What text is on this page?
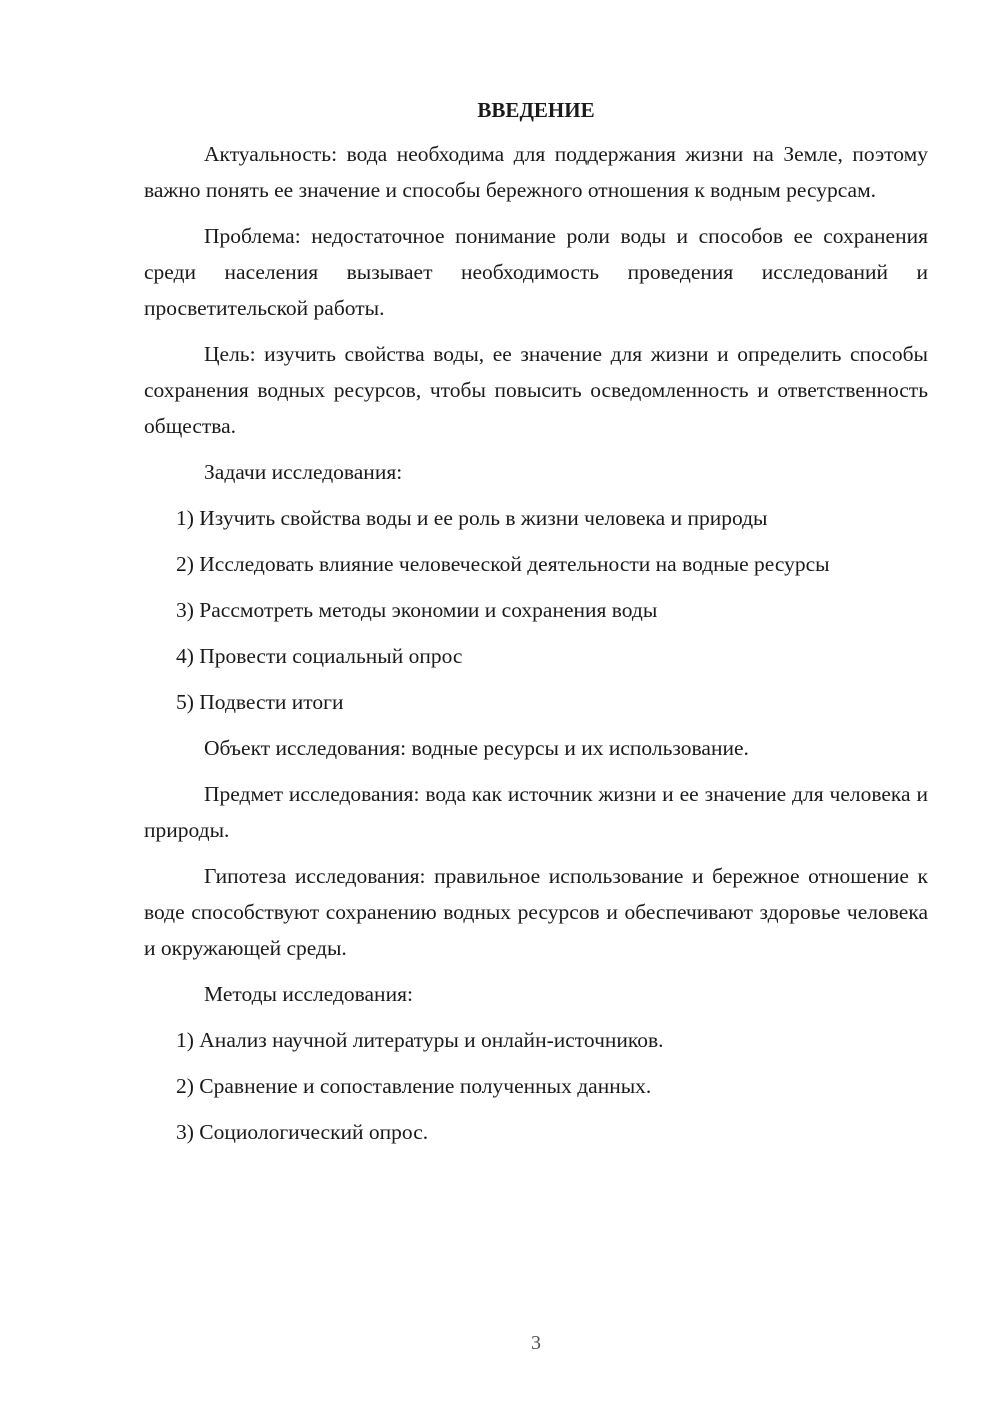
ВВЕДЕНИЕ

Актуальность: вода необходима для поддержания жизни на Земле, поэтому важно понять ее значение и способы бережного отношения к водным ресурсам.

Проблема: недостаточное понимание роли воды и способов ее сохранения среди населения вызывает необходимость проведения исследований и просветительской работы.

Цель: изучить свойства воды, ее значение для жизни и определить способы сохранения водных ресурсов, чтобы повысить осведомленность и ответственность общества.

Задачи исследования:

1) Изучить свойства воды и ее роль в жизни человека и природы
2) Исследовать влияние человеческой деятельности на водные ресурсы
3) Рассмотреть методы экономии и сохранения воды
4) Провести социальный опрос
5) Подвести итоги

Объект исследования: водные ресурсы и их использование.

Предмет исследования: вода как источник жизни и ее значение для человека и природы.

Гипотеза исследования: правильное использование и бережное отношение к воде способствуют сохранению водных ресурсов и обеспечивают здоровье человека и окружающей среды.

Методы исследования:

1) Анализ научной литературы и онлайн-источников.
2) Сравнение и сопоставление полученных данных.
3) Социологический опрос.
3
